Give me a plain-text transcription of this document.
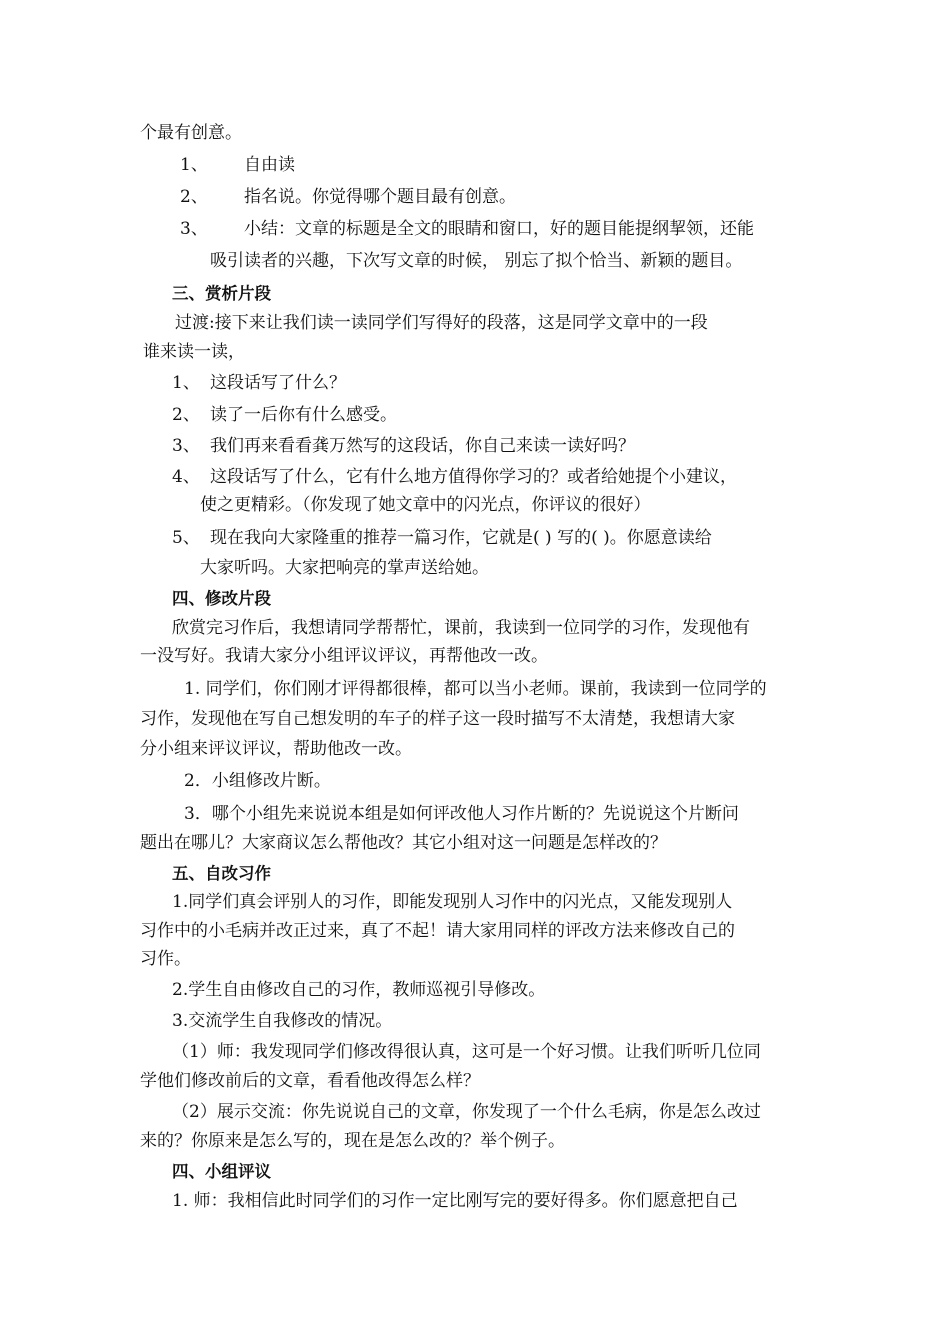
个最有创意。
1、 自由读
2、 指名说。你觉得哪个题目最有创意。
3、 小结：文章的标题是全文的眼睛和窗口，好的题目能提纲挈领，还能
吸引读者的兴趣，下次写文章的时候， 别忘了拟个恰当、新颖的题目。
三、赏析片段
过渡:接下来让我们读一读同学们写得好的段落，这是同学文章中的一段
谁来读一读，
1、 这段话写了什么？
2、 读了一后你有什么感受。
3、 我们再来看看龚万然写的这段话，你自己来读一读好吗？
4、 这段话写了什么，它有什么地方值得你学习的？或者给她提个小建议，
使之更精彩。（你发现了她文章中的闪光点，你评议的很好）
5、 现在我向大家隆重的推荐一篇习作，它就是( ) 写的( )。你愿意读给
大家听吗。大家把响亮的掌声送给她。
四、修改片段
欣赏完习作后，我想请同学帮帮忙，课前，我读到一位同学的习作，发现他有
一没写好。我请大家分小组评议评议，再帮他改一改。
1. 同学们，你们刚才评得都很棒，都可以当小老师。课前，我读到一位同学的
习作，发现他在写自己想发明的车子的样子这一段时描写不太清楚，我想请大家
分小组来评议评议，帮助他改一改。
2．小组修改片断。
3．哪个小组先来说说本组是如何评改他人习作片断的？先说说这个片断问
题出在哪儿？大家商议怎么帮他改？其它小组对这一问题是怎样改的？
五、自改习作
1.同学们真会评别人的习作，即能发现别人习作中的闪光点，又能发现别人
习作中的小毛病并改正过来，真了不起！请大家用同样的评改方法来修改自己的
习作。
2.学生自由修改自己的习作，教师巡视引导修改。
3.交流学生自我修改的情况。
（1）师：我发现同学们修改得很认真，这可是一个好习惯。让我们听听几位同
学他们修改前后的文章，看看他改得怎么样？
（2）展示交流：你先说说自己的文章，你发现了一个什么毛病，你是怎么改过
来的？你原来是怎么写的，现在是怎么改的？举个例子。
四、小组评议
1. 师：我相信此时同学们的习作一定比刚写完的要好得多。你们愿意把自己
